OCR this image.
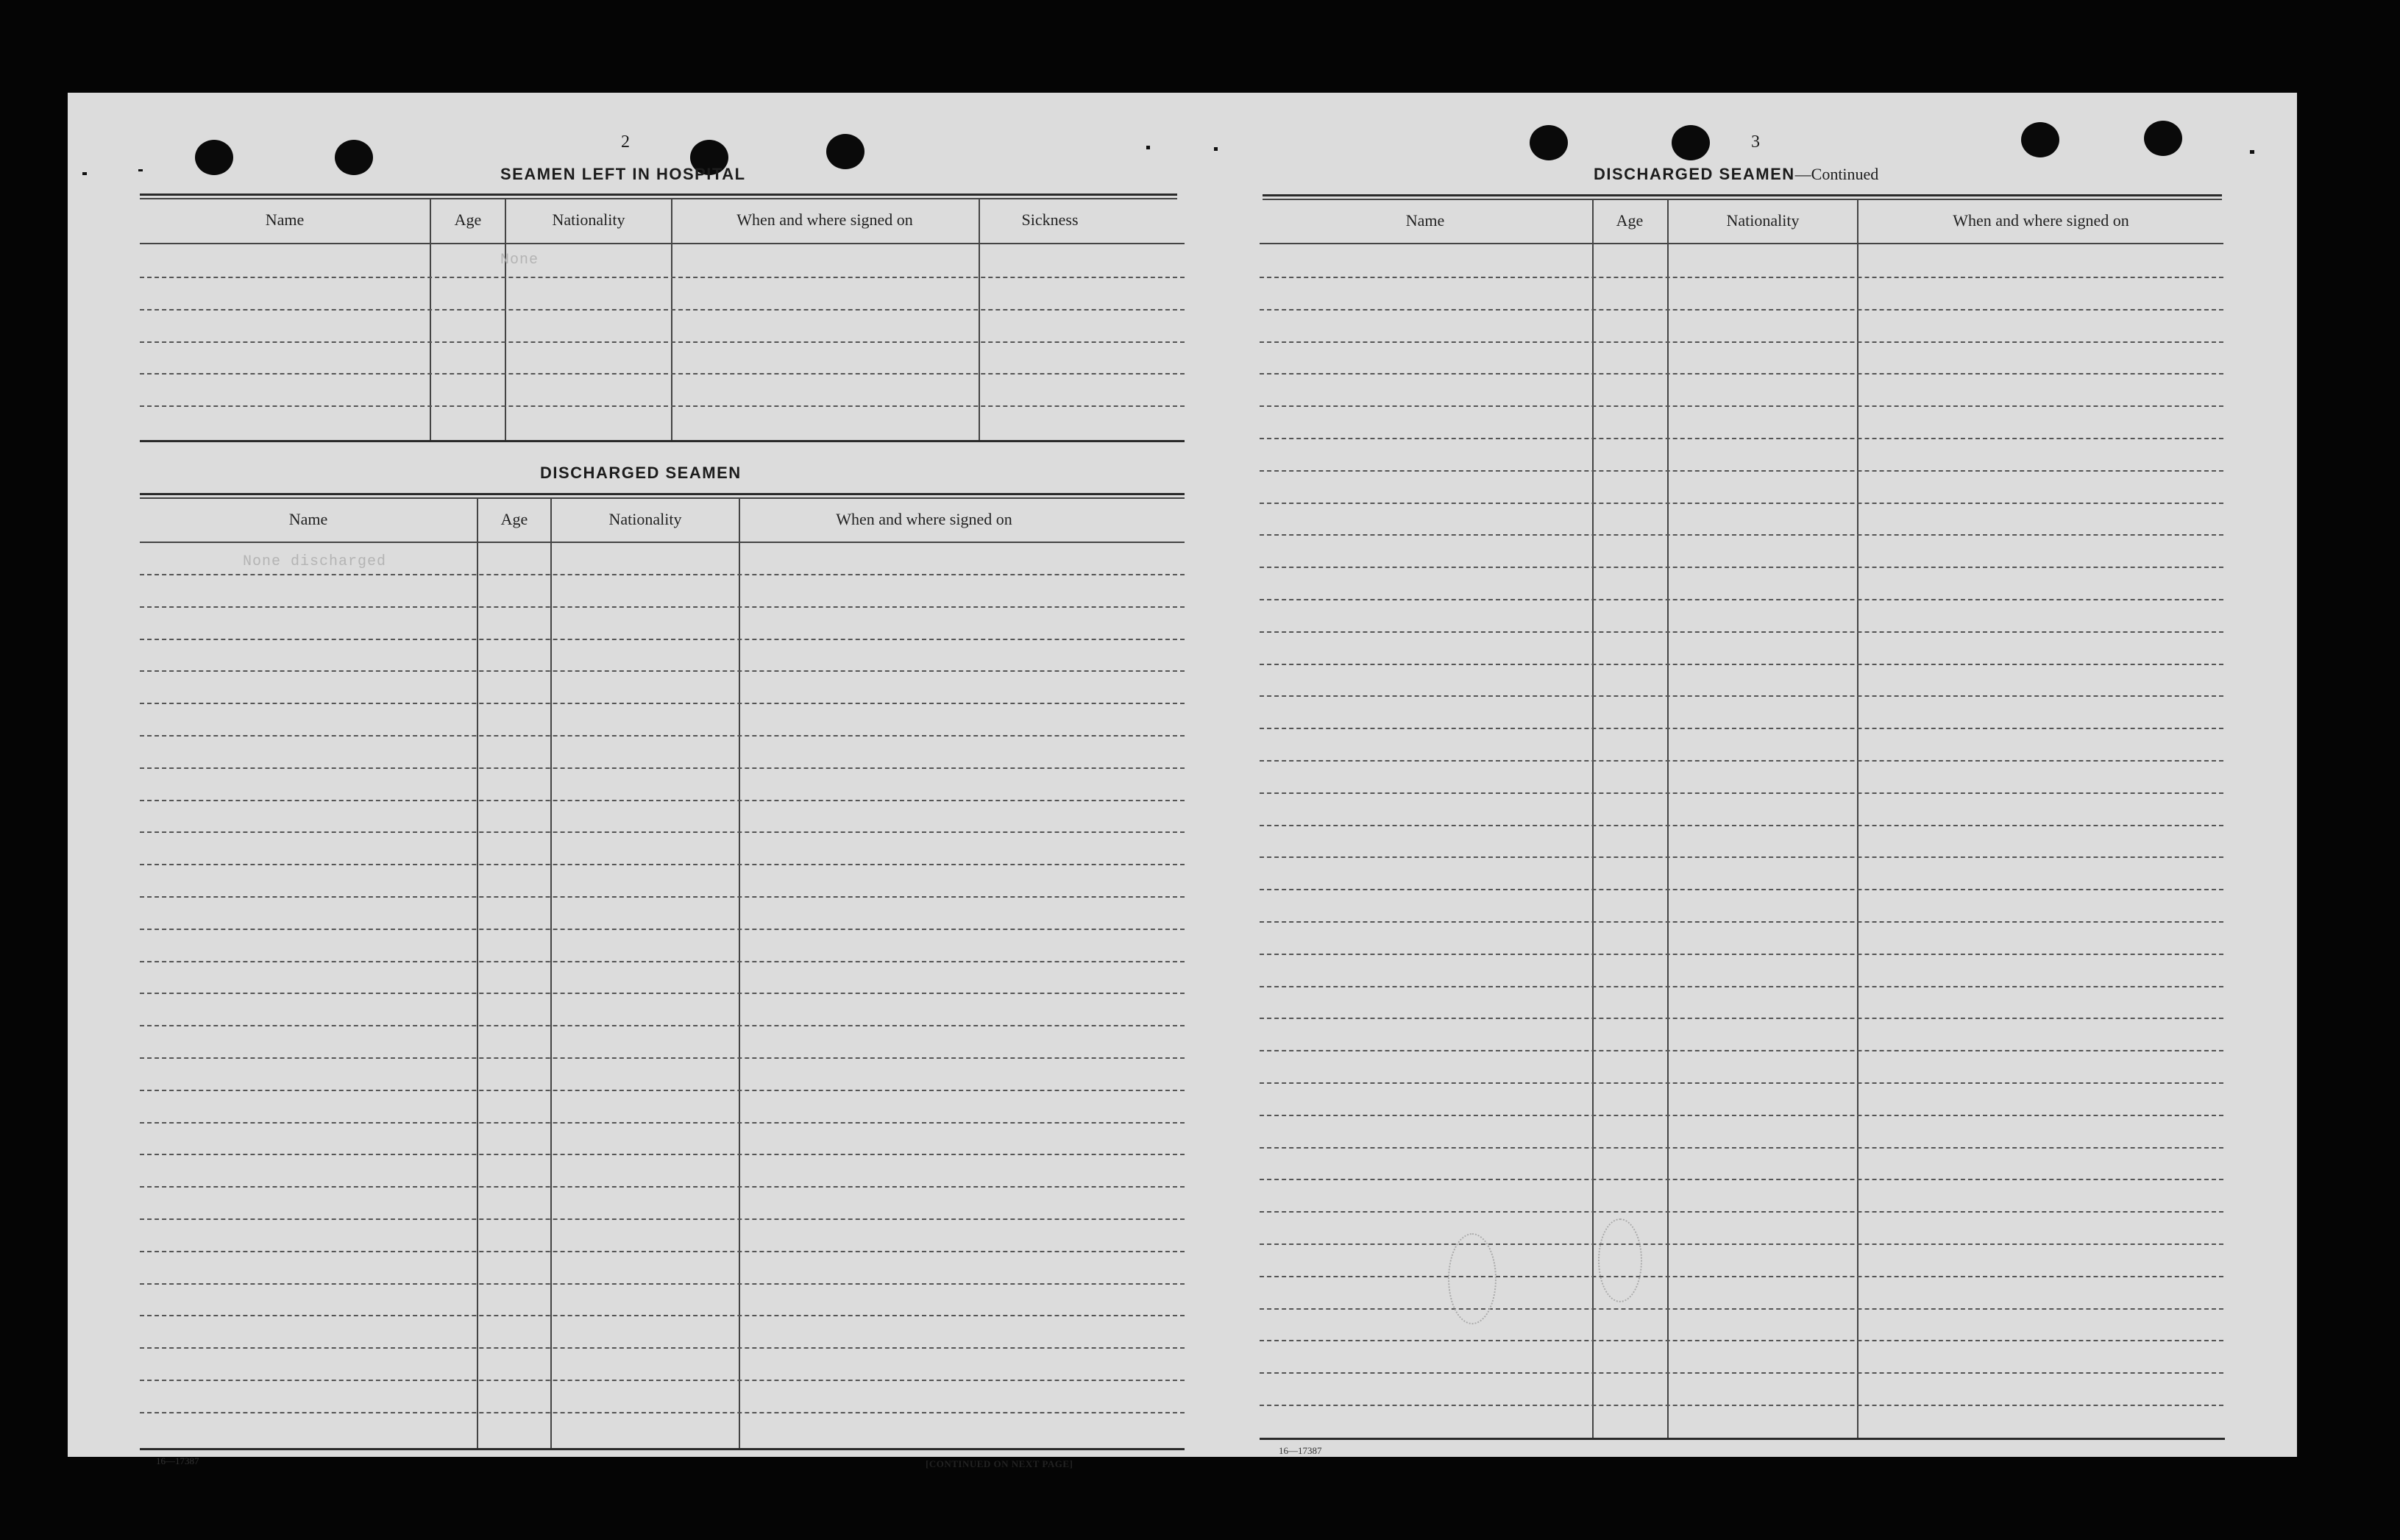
2
SEAMEN LEFT IN HOSPITAL
Name	Age	Nationality	When and where signed on	Sickness
None
DISCHARGED SEAMEN
Name	Age	Nationality	When and where signed on
None discharged
16—17387	[CONTINUED ON NEXT PAGE]
3
DISCHARGED SEAMEN—Continued
Name	Age	Nationality	When and where signed on
16—17387
